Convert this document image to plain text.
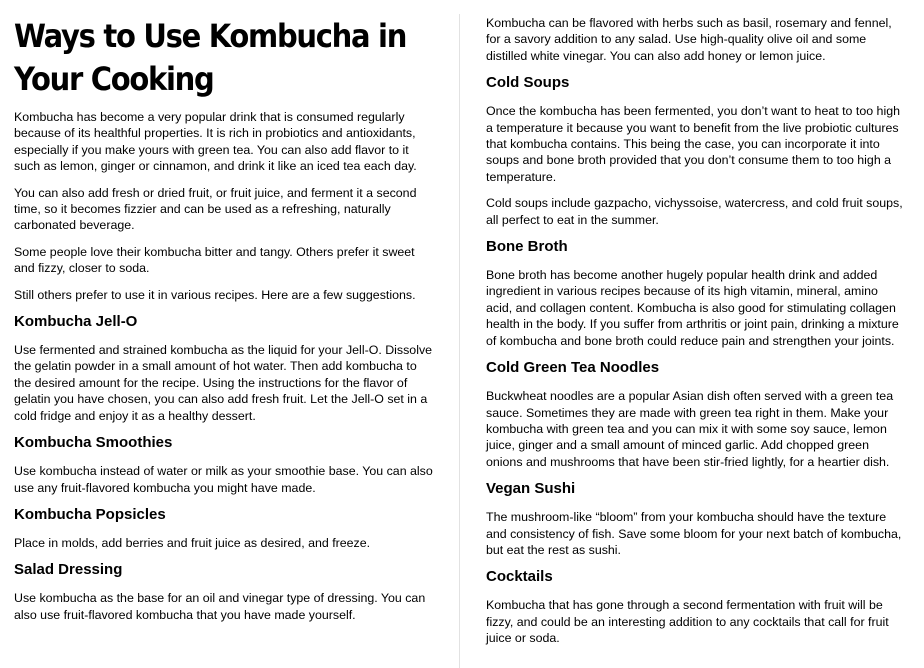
Ways to Use Kombucha in Your Cooking

Kombucha has become a very popular drink that is consumed regularly because of its healthful properties. It is rich in probiotics and antioxidants, especially if you make yours with green tea. You can also add flavor to it such as lemon, ginger or cinnamon, and drink it like an iced tea each day.

You can also add fresh or dried fruit, or fruit juice, and ferment it a second time, so it becomes fizzier and can be used as a refreshing, naturally carbonated beverage.

Some people love their kombucha bitter and tangy. Others prefer it sweet and fizzy, closer to soda.

Still others prefer to use it in various recipes. Here are a few suggestions.

Kombucha Jell-O

Use fermented and strained kombucha as the liquid for your Jell-O. Dissolve the gelatin powder in a small amount of hot water. Then add kombucha to the desired amount for the recipe. Using the instructions for the flavor of gelatin you have chosen, you can also add fresh fruit. Let the Jell-O set in a cold fridge and enjoy it as a healthy dessert.

Kombucha Smoothies

Use kombucha instead of water or milk as your smoothie base. You can also use any fruit-flavored kombucha you might have made.

Kombucha Popsicles

Place in molds, add berries and fruit juice as desired, and freeze.

Salad Dressing

Use kombucha as the base for an oil and vinegar type of dressing. You can also use fruit-flavored kombucha that you have made yourself.

Kombucha can be flavored with herbs such as basil, rosemary and fennel, for a savory addition to any salad. Use high-quality olive oil and some distilled white vinegar. You can also add honey or lemon juice.

Cold Soups

Once the kombucha has been fermented, you don’t want to heat to too high a temperature it because you want to benefit from the live probiotic cultures that kombucha contains. This being the case, you can incorporate it into soups and bone broth provided that you don’t consume them to too high a temperature.

Cold soups include gazpacho, vichyssoise, watercress, and cold fruit soups, all perfect to eat in the summer.

Bone Broth

Bone broth has become another hugely popular health drink and added ingredient in various recipes because of its high vitamin, mineral, amino acid, and collagen content. Kombucha is also good for stimulating collagen health in the body. If you suffer from arthritis or joint pain, drinking a mixture of kombucha and bone broth could reduce pain and strengthen your joints.

Cold Green Tea Noodles

Buckwheat noodles are a popular Asian dish often served with a green tea sauce. Sometimes they are made with green tea right in them. Make your kombucha with green tea and you can mix it with some soy sauce, lemon juice, ginger and a small amount of minced garlic. Add chopped green onions and mushrooms that have been stir-fried lightly, for a heartier dish.

Vegan Sushi

The mushroom-like “bloom” from your kombucha should have the texture and consistency of fish. Save some bloom for your next batch of kombucha, but eat the rest as sushi.

Cocktails

Kombucha that has gone through a second fermentation with fruit will be fizzy, and could be an interesting addition to any cocktails that call for fruit juice or soda.
